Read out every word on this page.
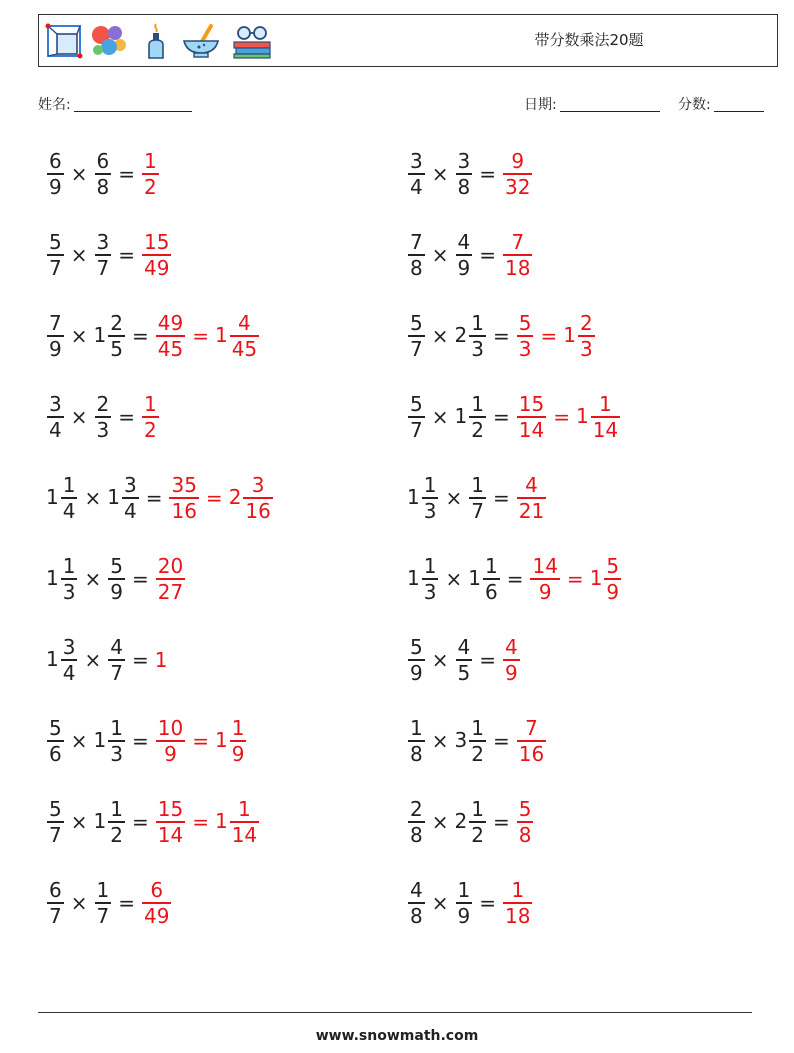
带分数乘法20题
姓名:	日期:	分数:
$\frac{6}{9} \times \frac{6}{8} = \frac{1}{2}$	$\frac{3}{4} \times \frac{3}{8} = \frac{9}{32}$
$\frac{5}{7} \times \frac{3}{7} = \frac{15}{49}$	$\frac{7}{8} \times \frac{4}{9} = \frac{7}{18}$
$\frac{7}{9} \times 1 \frac{2}{5} = \frac{49}{45} = 1 \frac{4}{45}$	$\frac{5}{7} \times 2 \frac{1}{3} = \frac{5}{3} = 1 \frac{2}{3}$
$\frac{3}{4} \times \frac{2}{3} = \frac{1}{2}$	$\frac{5}{7} \times 1 \frac{1}{2} = \frac{15}{14} = 1 \frac{1}{14}$
$1 \frac{1}{4} \times 1 \frac{3}{4} = \frac{35}{16} = 2 \frac{3}{16}$	$1 \frac{1}{3} \times \frac{1}{7} = \frac{4}{21}$
$1 \frac{1}{3} \times \frac{5}{9} = \frac{20}{27}$	$1 \frac{1}{3} \times 1 \frac{1}{6} = \frac{14}{9} = 1 \frac{5}{9}$
$1 \frac{3}{4} \times \frac{4}{7} = 1$	$\frac{5}{9} \times \frac{4}{5} = \frac{4}{9}$
$\frac{5}{6} \times 1 \frac{1}{3} = \frac{10}{9} = 1 \frac{1}{9}$	$\frac{1}{8} \times 3 \frac{1}{2} = \frac{7}{16}$
$\frac{5}{7} \times 1 \frac{1}{2} = \frac{15}{14} = 1 \frac{1}{14}$	$\frac{2}{8} \times 2 \frac{1}{2} = \frac{5}{8}$
$\frac{6}{7} \times \frac{1}{7} = \frac{6}{49}$	$\frac{4}{8} \times \frac{1}{9} = \frac{1}{18}$
www.snowmath.com
